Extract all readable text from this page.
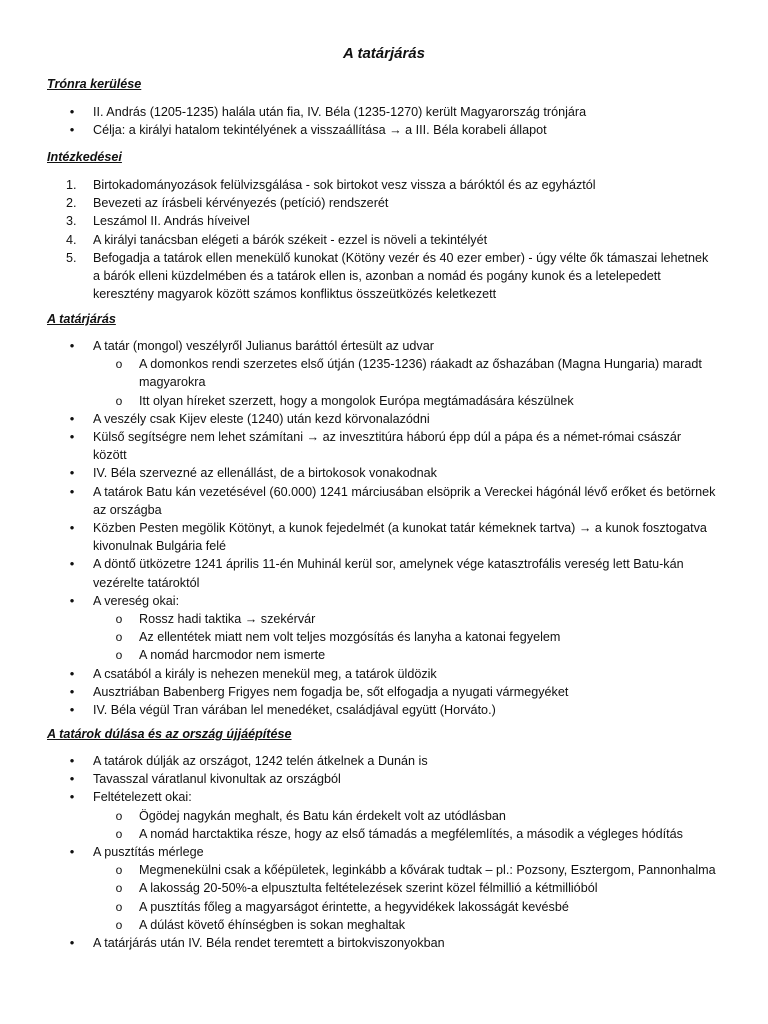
A tatárjárás
Trónra kerülése
•	II. András (1205-1235) halála után fia, IV. Béla (1235-1270) került Magyarország trónjára
•	Célja: a királyi hatalom tekintélyének a visszaállítása → a III. Béla korabeli állapot
Intézkedései
1. Birtokadományozások felülvizsgálása - sok birtokot vesz vissza a báróktól és az egyháztól
2. Bevezeti az írásbeli kérvényezés (petíció) rendszerét
3. Leszámol II. András híveivel
4. A királyi tanácsban elégeti a bárók székeit - ezzel is növeli a tekintélyét
5. Befogadja a tatárok ellen menekülő kunokat (Kötöny vezér és 40 ezer ember) - úgy vélte ők támaszai lehetnek a bárók elleni küzdelmében és a tatárok ellen is, azonban a nomád és pogány kunok és a letelepedett keresztény magyarok között számos konfliktus összeütközés keletkezett
A tatárjárás
•	A tatár (mongol) veszélyről Julianus baráttól értesült az udvar
o	A domonkos rendi szerzetes első útján (1235-1236) ráakadt az őshazában (Magna Hungaria) maradt magyarokra
o	Itt olyan híreket szerzett, hogy a mongolok Európa megtámadására készülnek
•	A veszély csak Kijev eleste (1240) után kezd körvonalazódni
•	Külső segítségre nem lehet számítani → az invesztitúra háború épp dúl a pápa és a német-római császár között
•	IV. Béla szervezné az ellenállást, de a birtokosok vonakodnak
•	A tatárok Batu kán vezetésével (60.000) 1241 márciusában elsöprik a Vereckei hágónál lévő erőket és betörnek az országba
•	Közben Pesten megölik Kötönyt, a kunok fejedelmét (a kunokat tatár kémeknek tartva) → a kunok fosztogatva kivonulnak Bulgária felé
•	A döntő ütközetre 1241 április 11-én Muhinál kerül sor, amelynek vége katasztrofális vereség lett Batu-kán vezérelte tatároktól
•	A vereség okai:
o	Rossz hadi taktika → szekérvár
o	Az ellentétek miatt nem volt teljes mozgósítás és lanyha a katonai fegyelem
o	A nomád harcmodor nem ismerte
•	A csatából a király is nehezen menekül meg, a tatárok üldözik
•	Ausztriában Babenberg Frigyes nem fogadja be, sőt elfogadja a nyugati vármegyéket
•	IV. Béla végül Tran várában lel menedéket, családjával együtt (Horváto.)
A tatárok dúlása és az ország újjáépítése
•	A tatárok dúlják az országot, 1242 telén átkelnek a Dunán is
•	Tavasszal váratlanul kivonultak az országból
•	Feltételezett okai:
o	Ögödej nagykán meghalt, és Batu kán érdekelt volt az utódlásban
o	A nomád harctaktika része, hogy az első támadás a megfélemlítés, a második a végleges hódítás
•	A pusztítás mérlege
o	Megmenekülni csak a kőépületek, leginkább a kővárak tudtak – pl.: Pozsony, Esztergom, Pannonhalma
o	A lakosság 20-50%-a elpusztulta feltételezések szerint közel félmillió a kétmillióból
o	A pusztítás főleg a magyarságot érintette, a hegyvidékek lakosságát kevésbé
o	A dúlást követő éhínségben is sokan meghaltak
•	A tatárjárás után IV. Béla rendet teremtett a birtokviszonyokban
